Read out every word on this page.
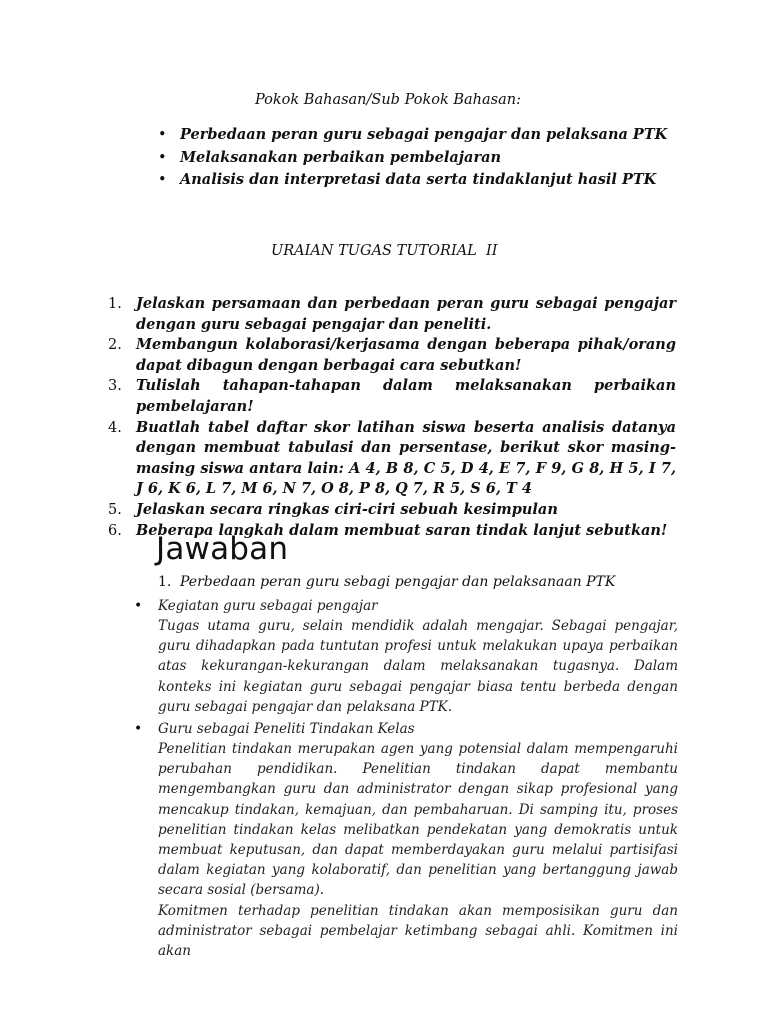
Pokok Bahasan/Sub Pokok Bahasan:
• Perbedaan peran guru sebagai pengajar dan pelaksana PTK
• Melaksanakan perbaikan pembelajaran
• Analisis dan interpretasi data serta tindaklanjut hasil PTK
URAIAN TUGAS TUTORIAL  II
1. Jelaskan persamaan dan perbedaan peran guru sebagai pengajar dengan guru sebagai pengajar dan peneliti.
2. Membangun kolaborasi/kerjasama dengan beberapa pihak/orang dapat dibagun dengan berbagai cara sebutkan!
3. Tulislah tahapan-tahapan dalam melaksanakan perbaikan pembelajaran!
4. Buatlah tabel daftar skor latihan siswa beserta analisis datanya dengan membuat tabulasi dan persentase, berikut skor masing-masing siswa antara lain: A 4, B 8, C 5, D 4, E 7, F 9, G 8, H 5, I 7, J 6, K 6, L 7, M 6, N 7, O 8, P 8, Q 7, R 5, S 6, T 4
5. Jelaskan secara ringkas ciri-ciri sebuah kesimpulan
6. Beberapa langkah dalam membuat saran tindak lanjut sebutkan!
Jawaban
1. Perbedaan peran guru sebagi pengajar dan pelaksanaan PTK
• Kegiatan guru sebagai pengajar

Tugas utama guru, selain mendidik adalah mengajar. Sebagai pengajar, guru dihadapkan pada tuntutan profesi untuk melakukan upaya perbaikan atas kekurangan-kekurangan dalam melaksanakan tugasnya. Dalam konteks ini kegiatan guru sebagai pengajar biasa tentu berbeda dengan guru sebagai pengajar dan pelaksana PTK.

• Guru sebagai Peneliti Tindakan Kelas

Penelitian tindakan merupakan agen yang potensial dalam mempengaruhi perubahan pendidikan. Penelitian tindakan dapat membantu mengembangkan guru dan administrator dengan sikap profesional yang mencakup tindakan, kemajuan, dan pembaharuan. Di samping itu, proses penelitian tindakan kelas melibatkan pendekatan yang demokratis untuk membuat keputusan, dan dapat memberdayakan guru melalui partisifasi dalam kegiatan yang kolaboratif, dan penelitian yang bertanggung jawab secara sosial (bersama).

Komitmen terhadap penelitian tindakan akan memposisikan guru dan administrator sebagai pembelajar ketimbang sebagai ahli. Komitmen ini akan
